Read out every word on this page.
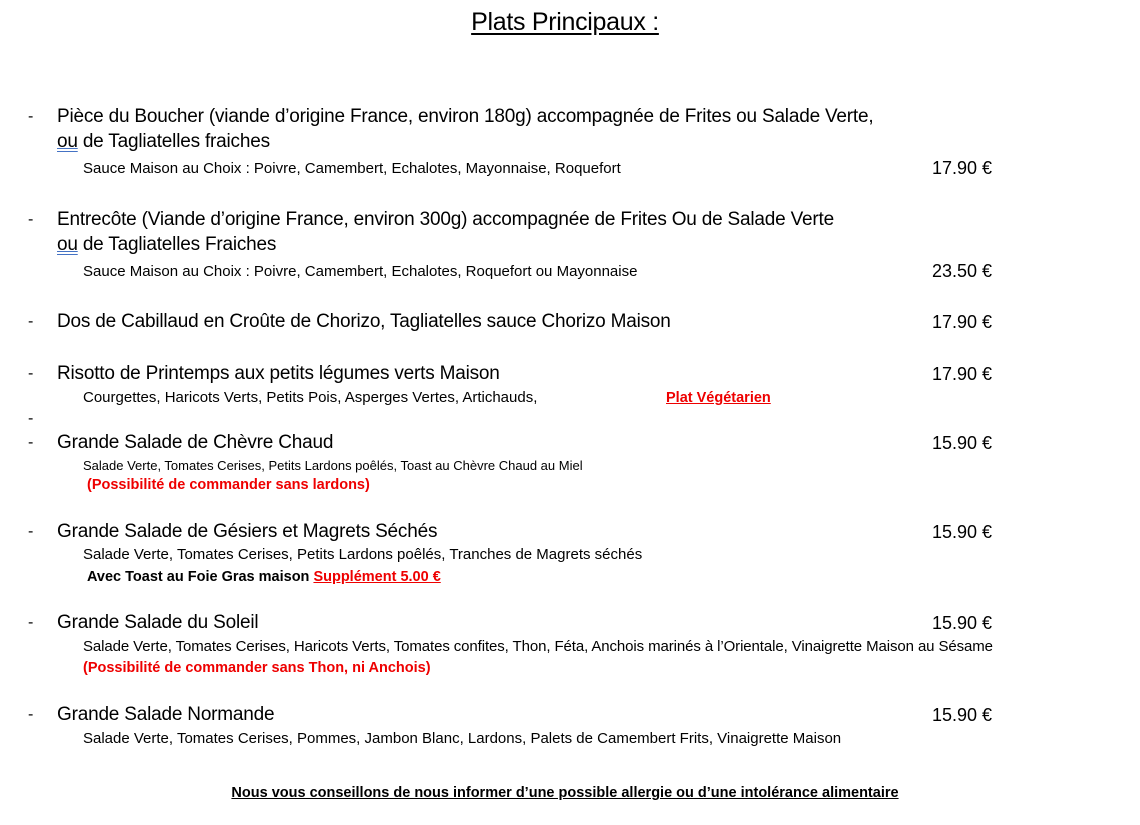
Plats Principaux :
- Pièce du Boucher (viande d’origine France, environ 180g) accompagnée de Frites ou Salade Verte,
ou de Tagliatelles fraiches
Sauce Maison au Choix : Poivre, Camembert, Echalotes, Mayonnaise, Roquefort	17.90 €
- Entrecôte (Viande d’origine France, environ 300g) accompagnée de Frites Ou de Salade Verte
ou de Tagliatelles Fraiches
Sauce Maison au Choix : Poivre, Camembert, Echalotes, Roquefort ou Mayonnaise	23.50 €
- Dos de Cabillaud en Croûte de Chorizo, Tagliatelles sauce Chorizo Maison	17.90 €
- Risotto de Printemps aux petits légumes verts Maison	17.90 €
Courgettes, Haricots Verts, Petits Pois, Asperges Vertes, Artichauds,	Plat Végétarien
-
- Grande Salade de Chèvre Chaud	15.90 €
Salade Verte, Tomates Cerises, Petits Lardons poêlés, Toast au Chèvre Chaud au Miel
(Possibilité de commander sans lardons)
- Grande Salade de Gésiers et Magrets Séchés	15.90 €
Salade Verte, Tomates Cerises, Petits Lardons poêlés, Tranches de Magrets séchés
Avec Toast au Foie Gras maison Supplément 5.00 €
- Grande Salade du Soleil	15.90 €
Salade Verte, Tomates Cerises, Haricots Verts, Tomates confites, Thon, Féta, Anchois marinés à l’Orientale, Vinaigrette Maison au Sésame
(Possibilité de commander sans Thon, ni Anchois)
- Grande Salade Normande	15.90 €
Salade Verte, Tomates Cerises, Pommes, Jambon Blanc, Lardons, Palets de Camembert Frits, Vinaigrette Maison
Nous vous conseillons de nous informer d’une possible allergie ou d’une intolérance alimentaire
